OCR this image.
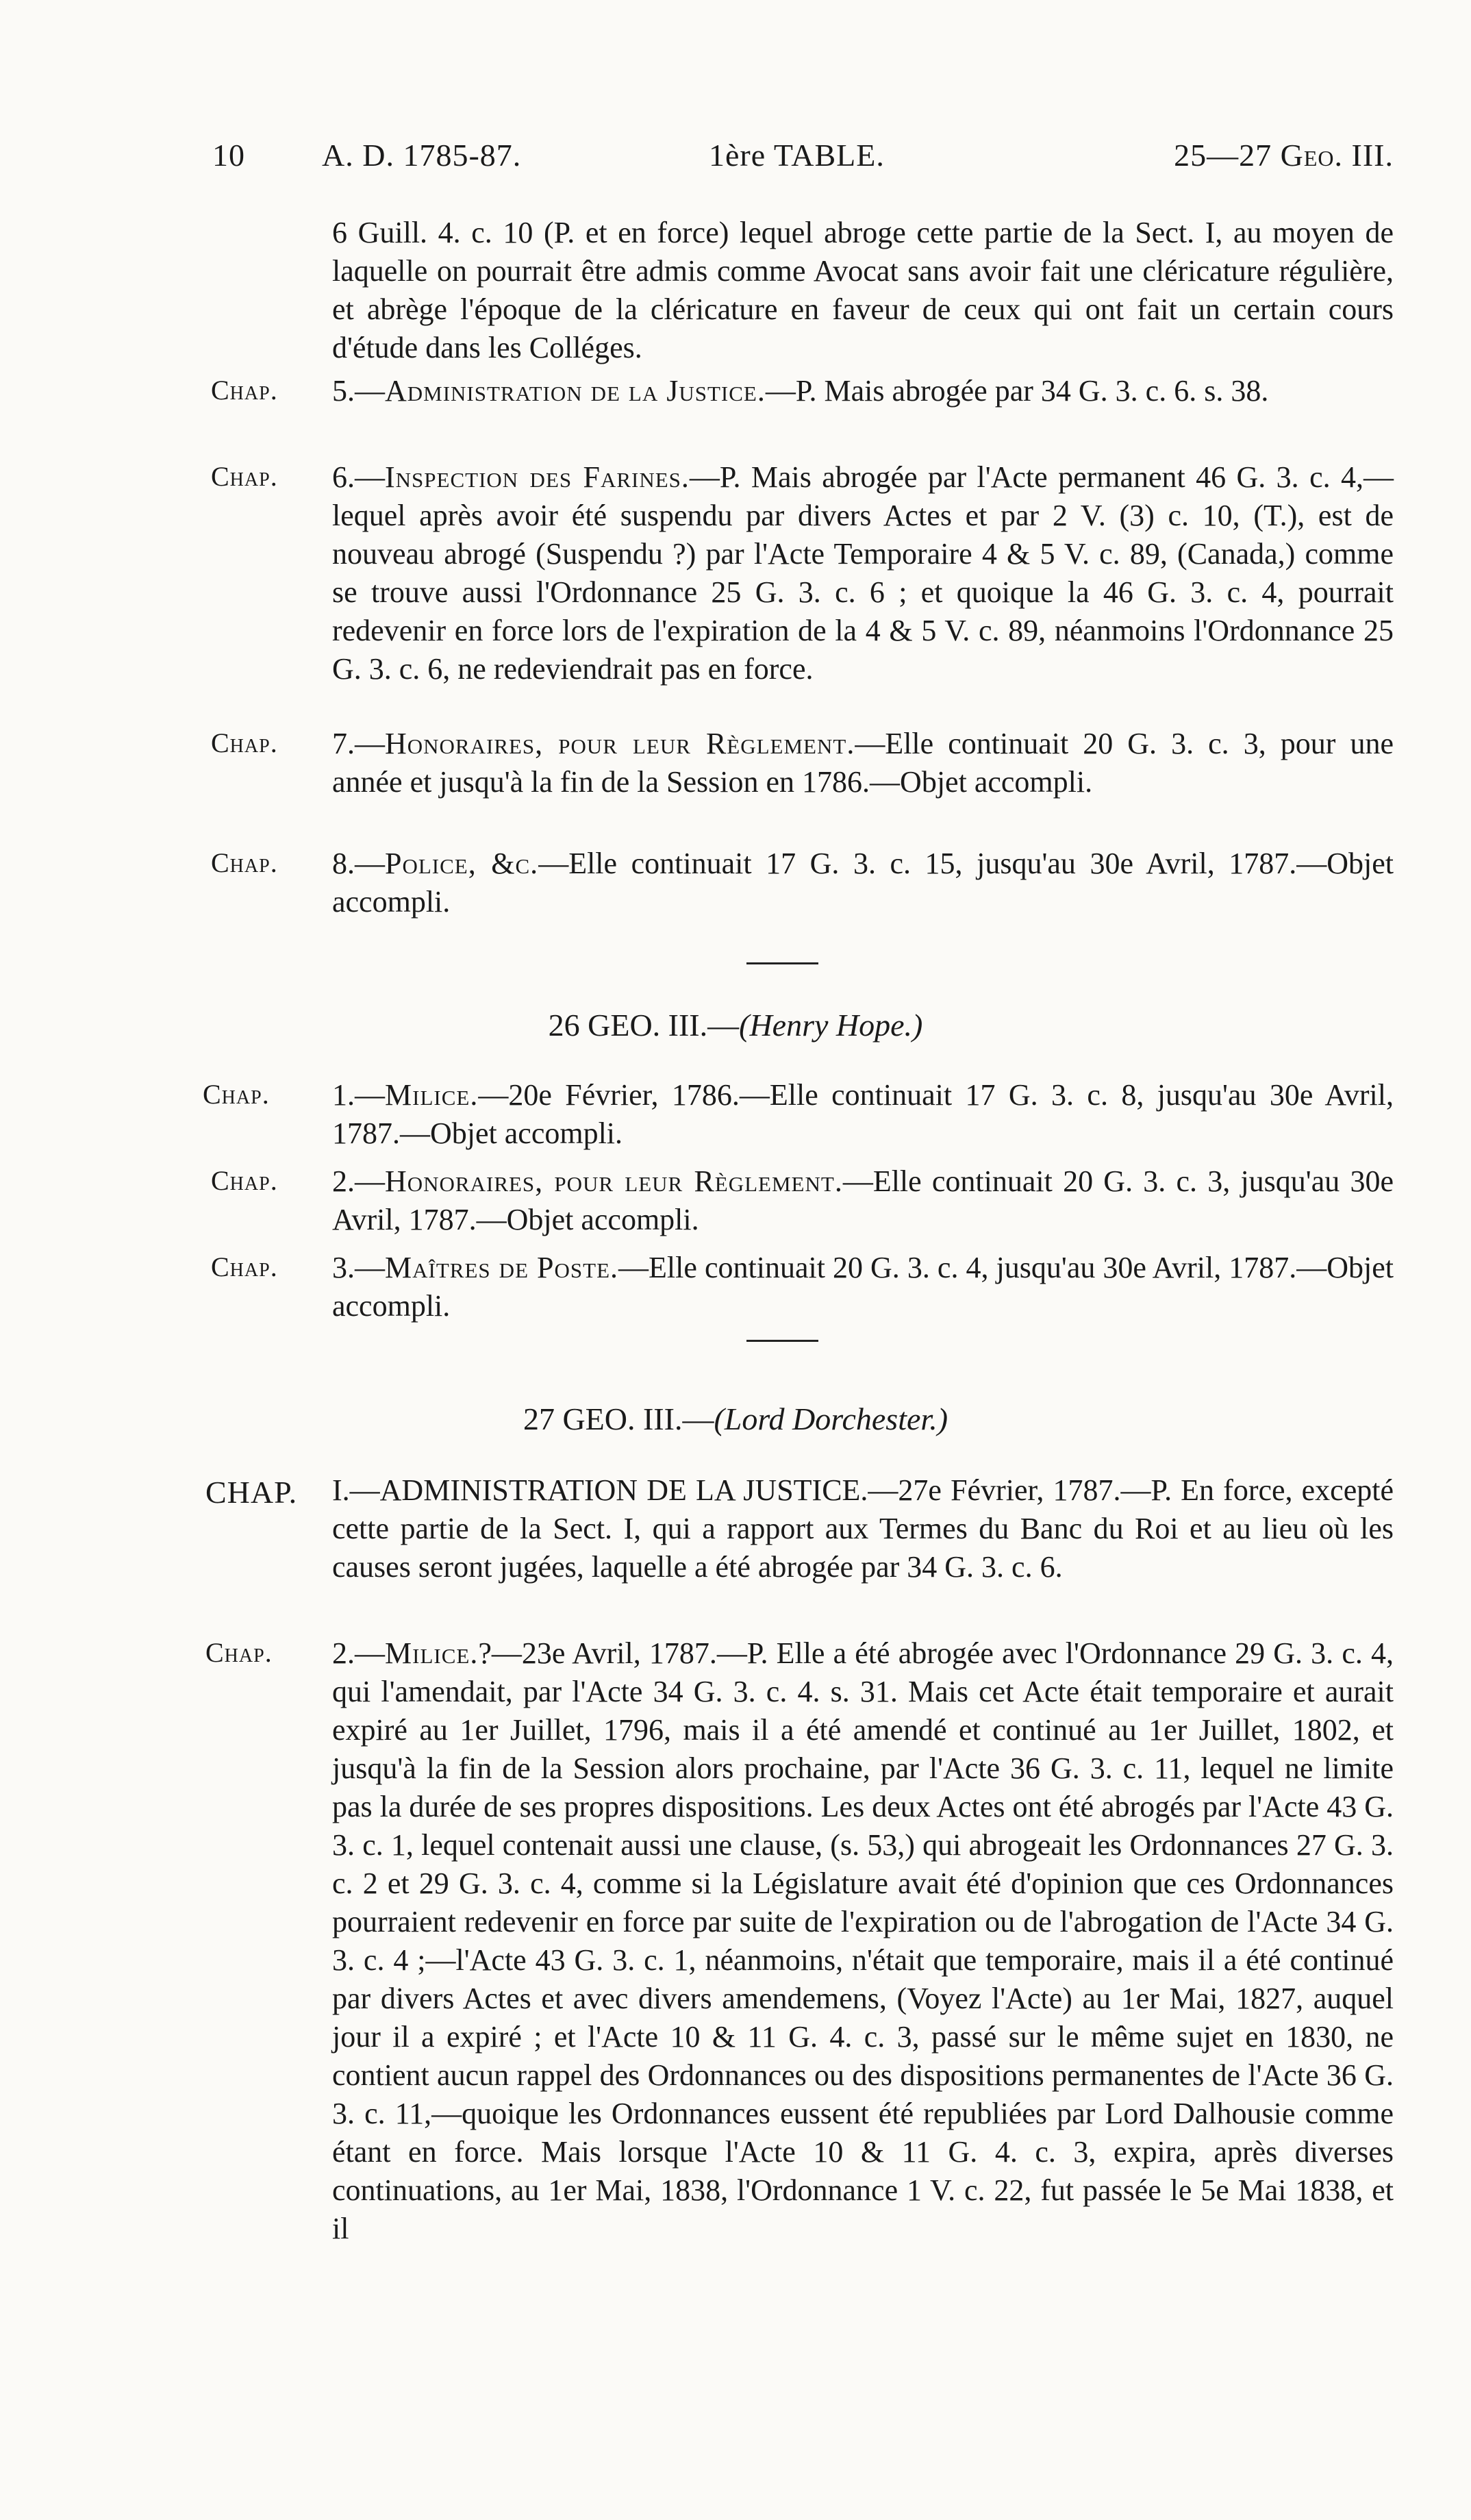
10 A. D. 1785-87.	1ère TABLE.	25—27 Geo. III.
6 Guill. 4. c. 10 (P. et en force) lequel abroge cette partie de la Sect. I, au moyen de laquelle on pourrait être admis comme Avocat sans avoir fait une cléricature régulière, et abrège l'époque de la cléricature en faveur de ceux qui ont fait un certain cours d'étude dans les Colléges.
Chap. 5.—Administration de la Justice.—P. Mais abrogée par 34 G. 3. c. 6. s. 38.
Chap. 6.—Inspection des Farines.—P. Mais abrogée par l'Acte permanent 46 G. 3. c. 4,—lequel après avoir été suspendu par divers Actes et par 2 V. (3) c. 10, (T.), est de nouveau abrogé (Suspendu ?) par l'Acte Temporaire 4 & 5 V. c. 89, (Canada,) comme se trouve aussi l'Ordonnance 25 G. 3. c. 6 ; et quoique la 46 G. 3. c. 4, pourrait redevenir en force lors de l'expiration de la 4 & 5 V. c. 89, néanmoins l'Ordonnance 25 G. 3. c. 6, ne redeviendrait pas en force.
Chap. 7.—Honoraires, pour leur Règlement.—Elle continuait 20 G. 3. c. 3, pour une année et jusqu'à la fin de la Session en 1786.—Objet accompli.
Chap. 8.—Police, &c.—Elle continuait 17 G. 3. c. 15, jusqu'au 30e Avril, 1787.—Objet accompli.
26 GEO. III.—(Henry Hope.)
Chap. 1.—Milice.—20e Février, 1786.—Elle continuait 17 G. 3. c. 8, jusqu'au 30e Avril, 1787.—Objet accompli.
Chap. 2.—Honoraires, pour leur Règlement.—Elle continuait 20 G. 3. c. 3, jusqu'au 30e Avril, 1787.—Objet accompli.
Chap. 3.—Maîtres de Poste.—Elle continuait 20 G. 3. c. 4, jusqu'au 30e Avril, 1787.—Objet accompli.
27 GEO. III.—(Lord Dorchester.)
CHAP. I.—ADMINISTRATION DE LA JUSTICE.—27e Février, 1787.—P. En force, excepté cette partie de la Sect. I, qui a rapport aux Termes du Banc du Roi et au lieu où les causes seront jugées, laquelle a été abrogée par 34 G. 3. c. 6.
Chap. 2.—Milice.?—23e Avril, 1787.—P. Elle a été abrogée avec l'Ordonnance 29 G. 3. c. 4, qui l'amendait, par l'Acte 34 G. 3. c. 4. s. 31. Mais cet Acte était temporaire et aurait expiré au 1er Juillet, 1796, mais il a été amendé et continué au 1er Juillet, 1802, et jusqu'à la fin de la Session alors prochaine, par l'Acte 36 G. 3. c. 11, lequel ne limite pas la durée de ses propres dispositions. Les deux Actes ont été abrogés par l'Acte 43 G. 3. c. 1, lequel contenait aussi une clause, (s. 53,) qui abrogeait les Ordonnances 27 G. 3. c. 2 et 29 G. 3. c. 4, comme si la Législature avait été d'opinion que ces Ordonnances pourraient redevenir en force par suite de l'expiration ou de l'abrogation de l'Acte 34 G. 3. c. 4 ;—l'Acte 43 G. 3. c. 1, néanmoins, n'était que temporaire, mais il a été continué par divers Actes et avec divers amendemens, (Voyez l'Acte) au 1er Mai, 1827, auquel jour il a expiré ; et l'Acte 10 & 11 G. 4. c. 3, passé sur le même sujet en 1830, ne contient aucun rappel des Ordonnances ou des dispositions permanentes de l'Acte 36 G. 3. c. 11,—quoique les Ordonnances eussent été republiées par Lord Dalhousie comme étant en force. Mais lorsque l'Acte 10 & 11 G. 4. c. 3, expira, après diverses continuations, au 1er Mai, 1838, l'Ordonnance 1 V. c. 22, fut passée le 5e Mai 1838, et il
